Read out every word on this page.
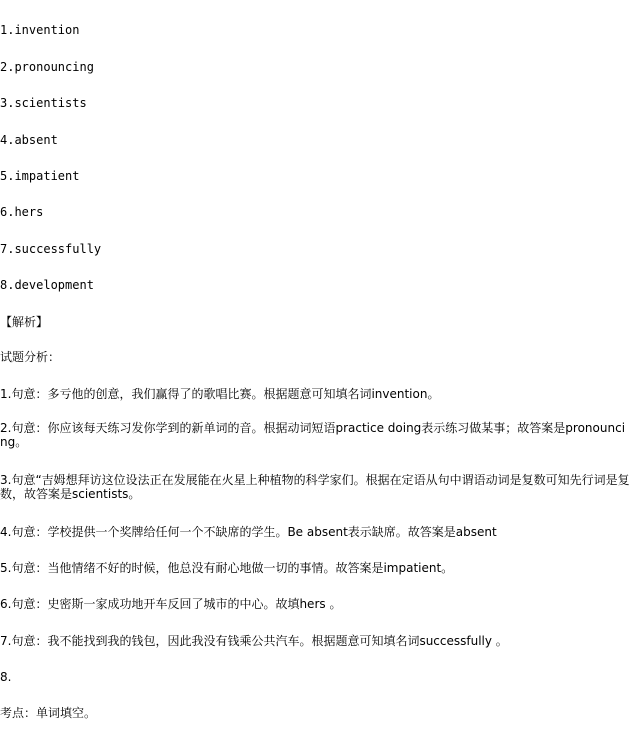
1.invention
2.pronouncing
3.scientists
4.absent
5.impatient
6.hers
7.successfully
8.development
【解析】
试题分析：
1.句意：多亏他的创意，我们赢得了的歌唱比赛。根据题意可知填名词invention。
2.句意：你应该每天练习发你学到的新单词的音。根据动词短语practice doing表示练习做某事；故答案是pronouncing。
3.句意“吉姆想拜访这位设法正在发展能在火星上种植物的科学家们。根据在定语从句中谓语动词是复数可知先行词是复数，故答案是scientists。
4.句意：学校提供一个奖牌给任何一个不缺席的学生。Be absent表示缺席。故答案是absent
5.句意：当他情绪不好的时候，他总没有耐心地做一切的事情。故答案是impatient。
6.句意：史密斯一家成功地开车反回了城市的中心。故填hers 。
7.句意：我不能找到我的钱包，因此我没有钱乘公共汽车。根据题意可知填名词successfully 。
8.
考点：单词填空。
